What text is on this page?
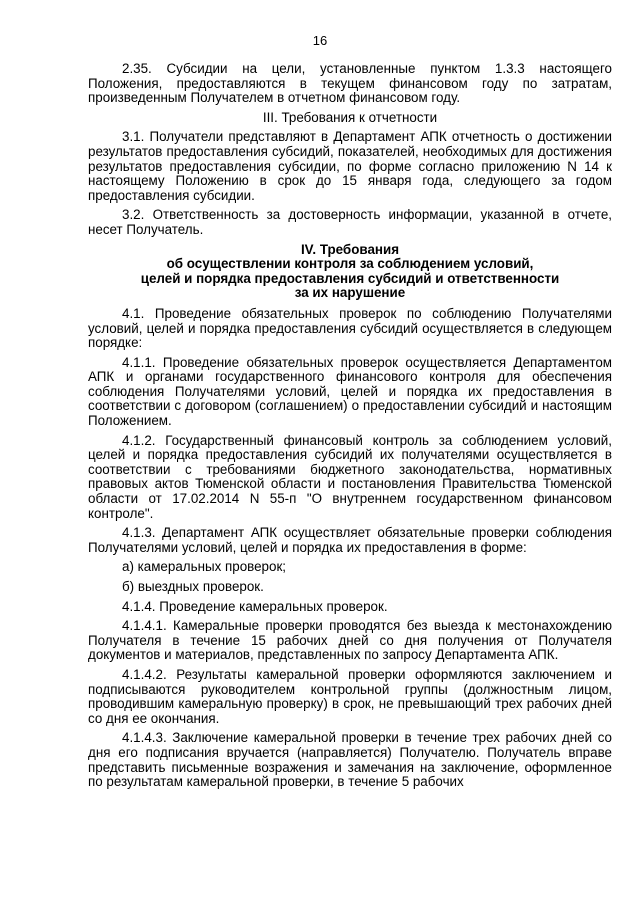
16

2.35. Субсидии на цели, установленные пунктом 1.3.3 настоящего Положения, предоставляются в текущем финансовом году по затратам, произведенным Получателем в отчетном финансовом году.

III. Требования к отчетности

3.1. Получатели представляют в Департамент АПК отчетность о достижении результатов предоставления субсидий, показателей, необходимых для достижения результатов предоставления субсидии, по форме согласно приложению N 14 к настоящему Положению в срок до 15 января года, следующего за годом предоставления субсидии.

3.2. Ответственность за достоверность информации, указанной в отчете, несет Получатель.

IV. Требования
об осуществлении контроля за соблюдением условий,
целей и порядка предоставления субсидий и ответственности
за их нарушение

4.1. Проведение обязательных проверок по соблюдению Получателями условий, целей и порядка предоставления субсидий осуществляется в следующем порядке:

4.1.1. Проведение обязательных проверок осуществляется Департаментом АПК и органами государственного финансового контроля для обеспечения соблюдения Получателями условий, целей и порядка их предоставления в соответствии с договором (соглашением) о предоставлении субсидий и настоящим Положением.

4.1.2. Государственный финансовый контроль за соблюдением условий, целей и порядка предоставления субсидий их получателями осуществляется в соответствии с требованиями бюджетного законодательства, нормативных правовых актов Тюменской области и постановления Правительства Тюменской области от 17.02.2014 N 55-п "О внутреннем государственном финансовом контроле".

4.1.3. Департамент АПК осуществляет обязательные проверки соблюдения Получателями условий, целей и порядка их предоставления в форме:

а) камеральных проверок;

б) выездных проверок.

4.1.4. Проведение камеральных проверок.

4.1.4.1. Камеральные проверки проводятся без выезда к местонахождению Получателя в течение 15 рабочих дней со дня получения от Получателя документов и материалов, представленных по запросу Департамента АПК.

4.1.4.2. Результаты камеральной проверки оформляются заключением и подписываются руководителем контрольной группы (должностным лицом, проводившим камеральную проверку) в срок, не превышающий трех рабочих дней со дня ее окончания.

4.1.4.3. Заключение камеральной проверки в течение трех рабочих дней со дня его подписания вручается (направляется) Получателю. Получатель вправе представить письменные возражения и замечания на заключение, оформленное по результатам камеральной проверки, в течение 5 рабочих
